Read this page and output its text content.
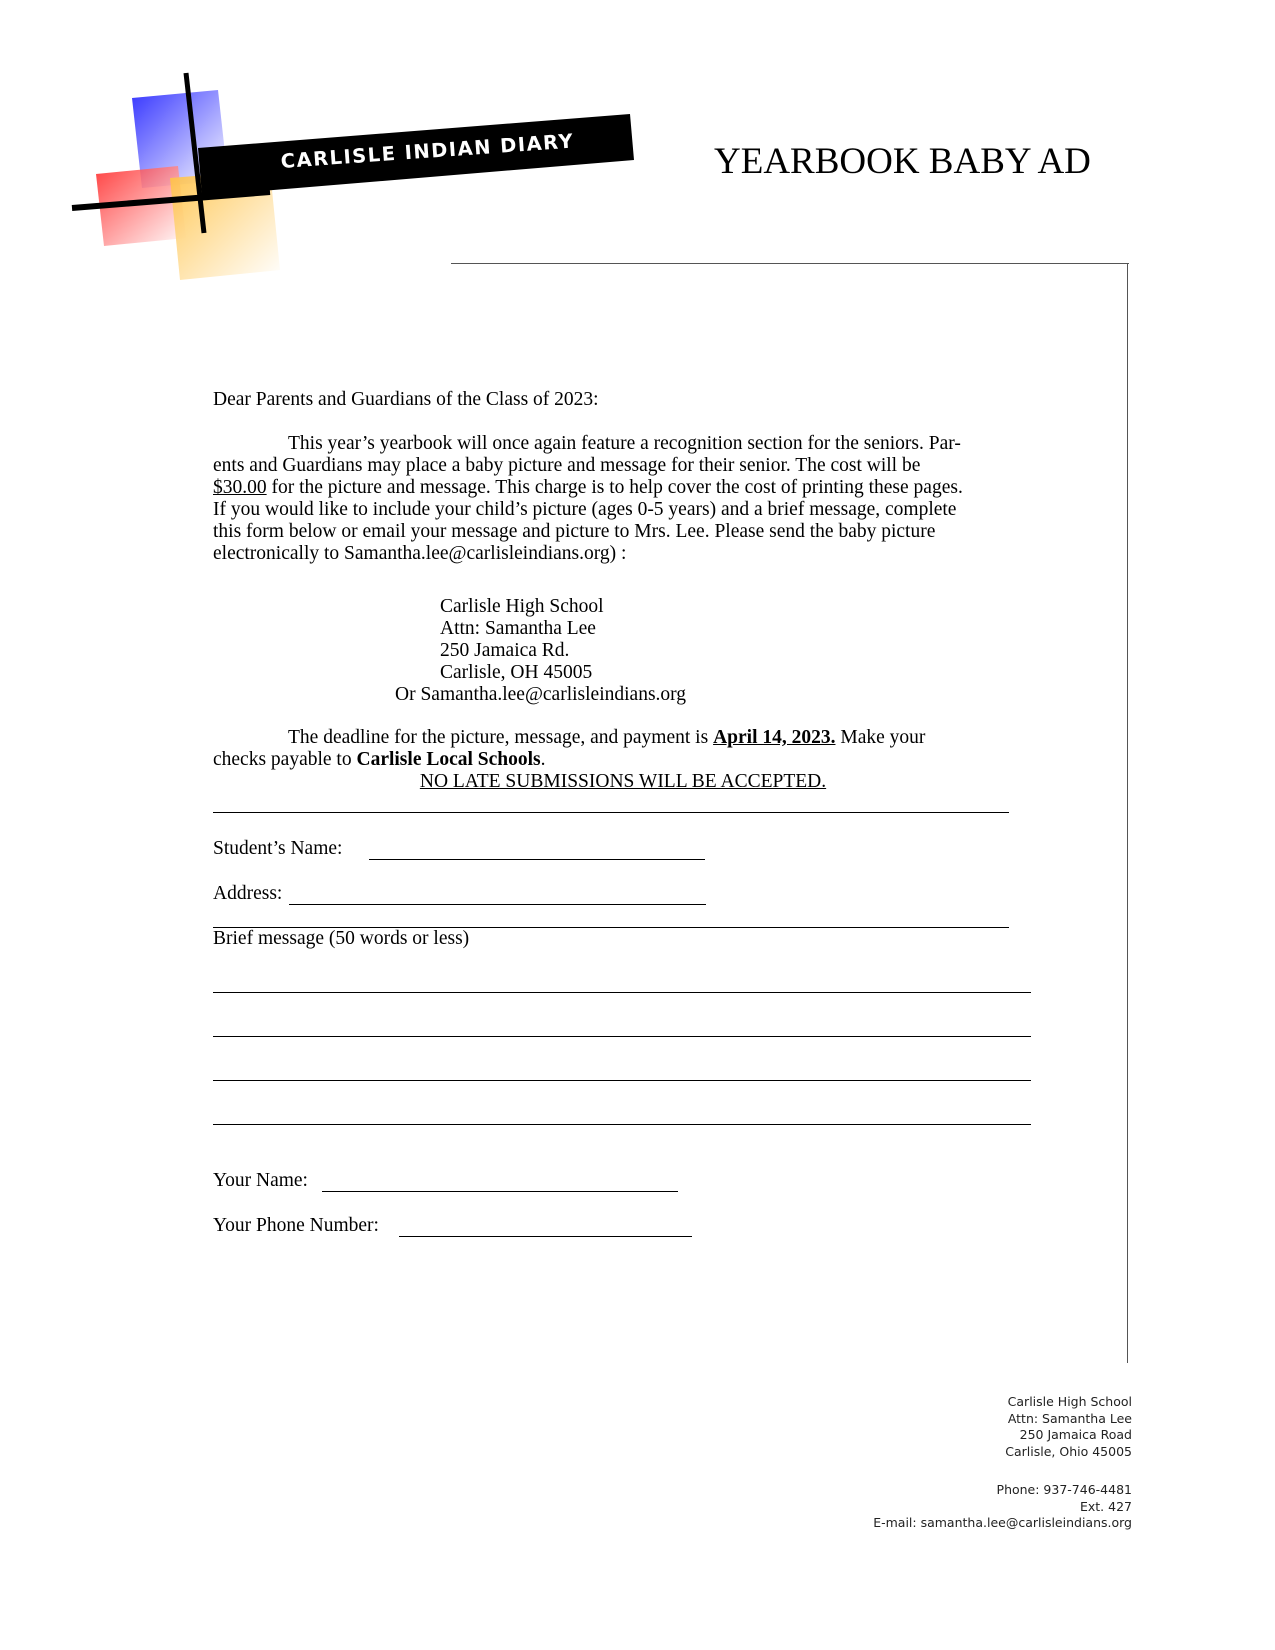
CARLISLE INDIAN DIARY	YEARBOOK BABY AD
Dear Parents and Guardians of the Class of 2023:
This year’s yearbook will once again feature a recognition section for the seniors. Par-
ents and Guardians may place a baby picture and message for their senior. The cost will be
$30.00 for the picture and message. This charge is to help cover the cost of printing these pages.
If you would like to include your child’s picture (ages 0-5 years) and a brief message, complete
this form below or email your message and picture to Mrs. Lee. Please send the baby picture
electronically to Samantha.lee@carlisleindians.org) :
Carlisle High School
Attn: Samantha Lee
250 Jamaica Rd.
Carlisle, OH 45005
Or Samantha.lee@carlisleindians.org
The deadline for the picture, message, and payment is April 14, 2023. Make your
checks payable to Carlisle Local Schools.
NO LATE SUBMISSIONS WILL BE ACCEPTED.
Student’s Name:
Address:
Brief message (50 words or less)
Your Name:
Your Phone Number:
Carlisle High School
Attn: Samantha Lee
250 Jamaica Road
Carlisle, Ohio 45005
Phone: 937-746-4481
Ext. 427
E-mail: samantha.lee@carlisleindians.org
